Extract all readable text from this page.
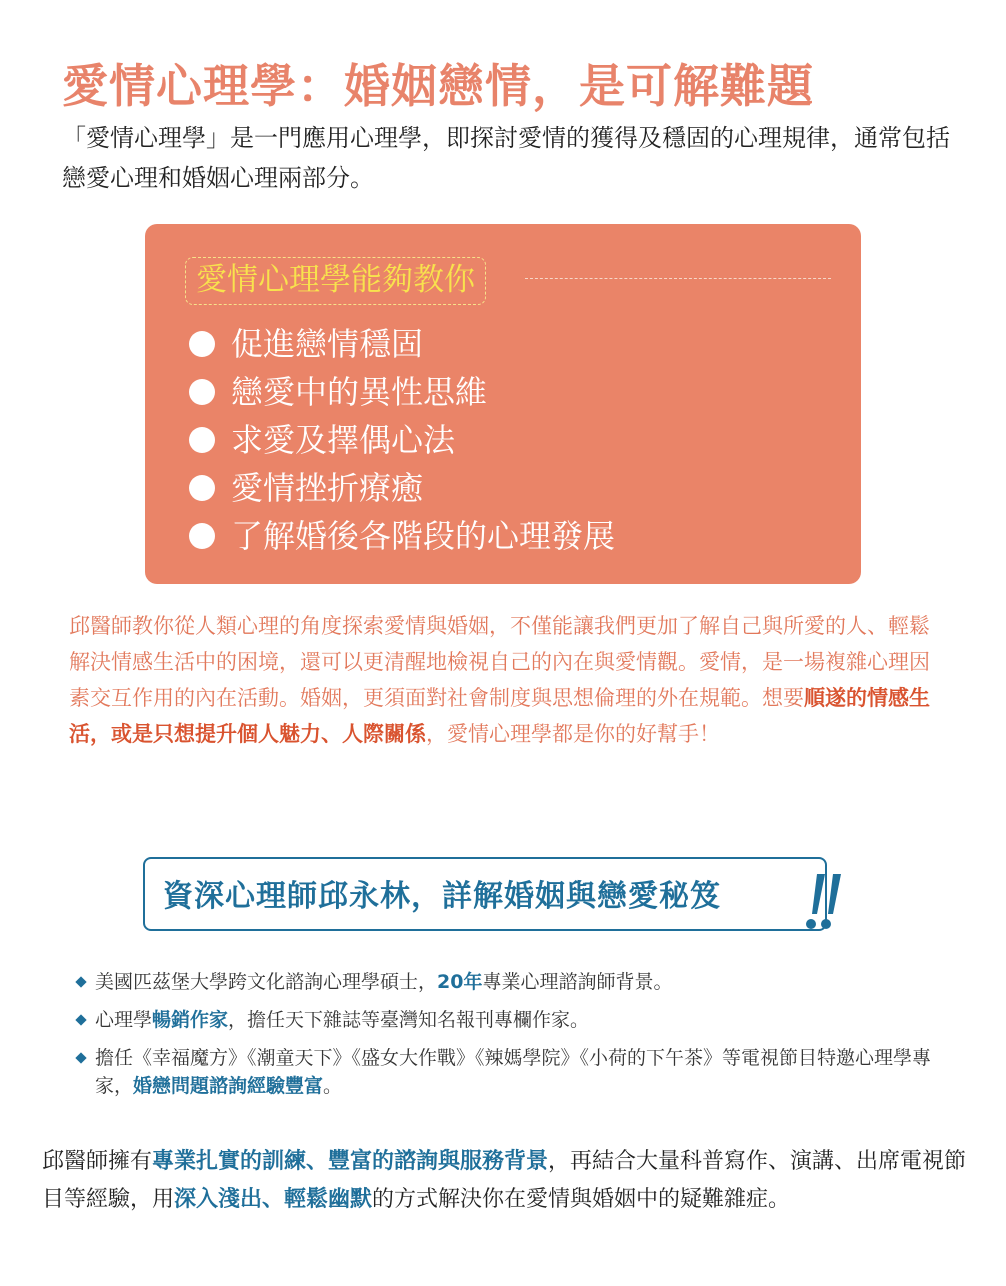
愛情心理學：婚姻戀情，是可解難題

「愛情心理學」是一門應用心理學，即探討愛情的獲得及穩固的心理規律，通常包括戀愛心理和婚姻心理兩部分。

愛情心理學能夠教你
促進戀情穩固
戀愛中的異性思維
求愛及擇偶心法
愛情挫折療癒
了解婚後各階段的心理發展

邱醫師教你從人類心理的角度探索愛情與婚姻，不僅能讓我們更加了解自己與所愛的人、輕鬆解決情感生活中的困境，還可以更清醒地檢視自己的內在與愛情觀。愛情，是一場複雜心理因素交互作用的內在活動。婚姻，更須面對社會制度與思想倫理的外在規範。想要順遂的情感生活，或是只想提升個人魅力、人際關係，愛情心理學都是你的好幫手！

資深心理師邱永林，詳解婚姻與戀愛秘笈
美國匹茲堡大學跨文化諮詢心理學碩士，20年專業心理諮詢師背景。
心理學暢銷作家，擔任天下雜誌等臺灣知名報刊專欄作家。
擔任《幸福魔方》《潮童天下》《盛女大作戰》《辣媽學院》《小荷的下午茶》等電視節目特邀心理學專家，婚戀問題諮詢經驗豐富。

邱醫師擁有專業扎實的訓練、豐富的諮詢與服務背景，再結合大量科普寫作、演講、出席電視節目等經驗，用深入淺出、輕鬆幽默的方式解決你在愛情與婚姻中的疑難雜症。
